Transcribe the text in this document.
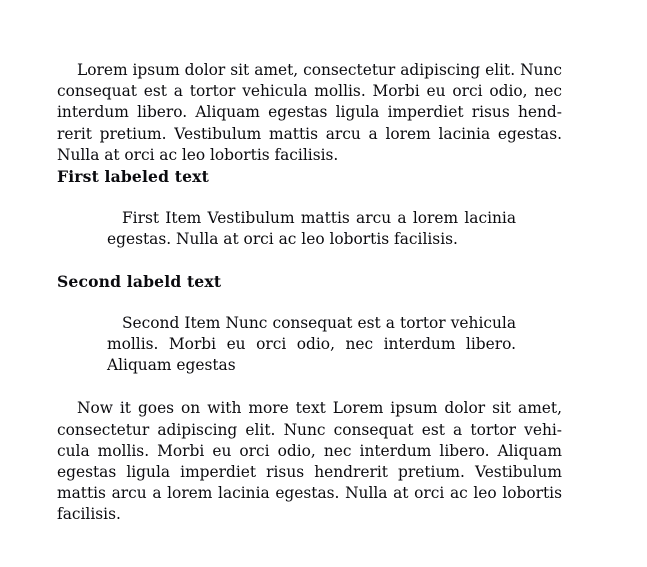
Lorem ipsum dolor sit amet, consectetur adipiscing elit. Nunc consequat est a tortor vehicula mollis. Morbi eu orci odio, nec interdum libero. Aliquam egestas ligula imperdiet risus hendrerit pretium. Vestibulum mattis arcu a lorem lacinia egestas. Nulla at orci ac leo lobortis facilisis.

First labeled text

First Item Vestibulum mattis arcu a lorem lacinia egestas. Nulla at orci ac leo lobortis facilisis.

Second labeld text

Second Item Nunc consequat est a tortor vehicula mollis. Morbi eu orci odio, nec interdum libero. Aliquam egestas

Now it goes on with more text Lorem ipsum dolor sit amet, consectetur adipiscing elit. Nunc consequat est a tortor vehicula mollis. Morbi eu orci odio, nec interdum libero. Aliquam egestas ligula imperdiet risus hendrerit pretium. Vestibulum mattis arcu a lorem lacinia egestas. Nulla at orci ac leo lobortis facilisis.
